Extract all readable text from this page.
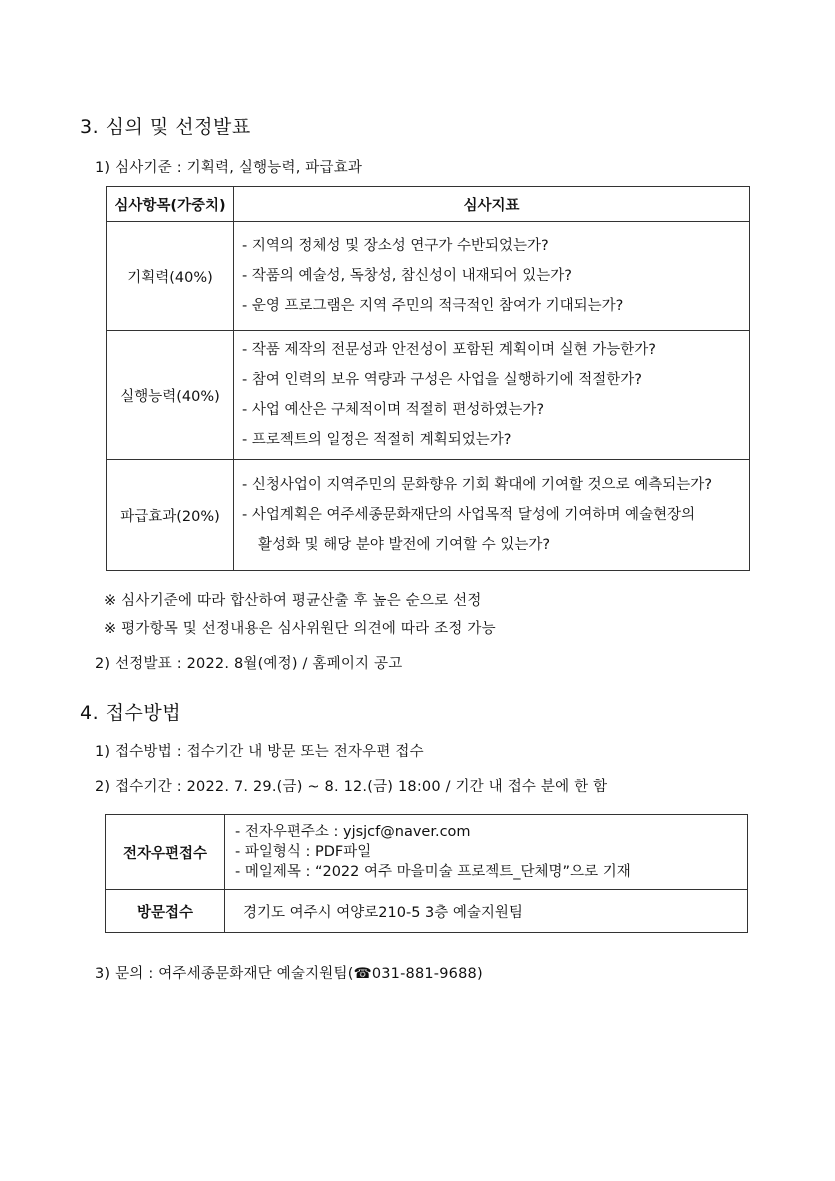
3. 심의 및 선정발표
1) 심사기준 : 기획력, 실행능력, 파급효과
심사항목(가중치)	심사지표
기획력(40%)	- 지역의 정체성 및 장소성 연구가 수반되었는가?
- 작품의 예술성, 독창성, 참신성이 내재되어 있는가?
- 운영 프로그램은 지역 주민의 적극적인 참여가 기대되는가?

실행능력(40%)	- 작품 제작의 전문성과 안전성이 포함된 계획이며 실현 가능한가?
- 참여 인력의 보유 역량과 구성은 사업을 실행하기에 적절한가?
- 사업 예산은 구체적이며 적절히 편성하였는가?
- 프로젝트의 일정은 적절히 계획되었는가?

파급효과(20%)	- 신청사업이 지역주민의 문화향유 기회 확대에 기여할 것으로 예측되는가?
- 사업계획은 여주세종문화재단의 사업목적 달성에 기여하며 예술현장의
활성화 및 해당 분야 발전에 기여할 수 있는가?
※ 심사기준에 따라 합산하여 평균산출 후 높은 순으로 선정
※ 평가항목 및 선정내용은 심사위원단 의견에 따라 조정 가능
2) 선정발표 : 2022. 8월(예정) / 홈페이지 공고
4. 접수방법
1) 접수방법 : 접수기간 내 방문 또는 전자우편 접수
2) 접수기간 : 2022. 7. 29.(금) ~ 8. 12.(금) 18:00 / 기간 내 접수 분에 한 함
전자우편접수	- 전자우편주소 : yjsjcf@naver.com
- 파일형식 : PDF파일
- 메일제목 : “2022 여주 마을미술 프로젝트_단체명”으로 기재

방문접수	경기도 여주시 여양로210-5 3층 예술지원팀
3) 문의 : 여주세종문화재단 예술지원팀(☎031-881-9688)
